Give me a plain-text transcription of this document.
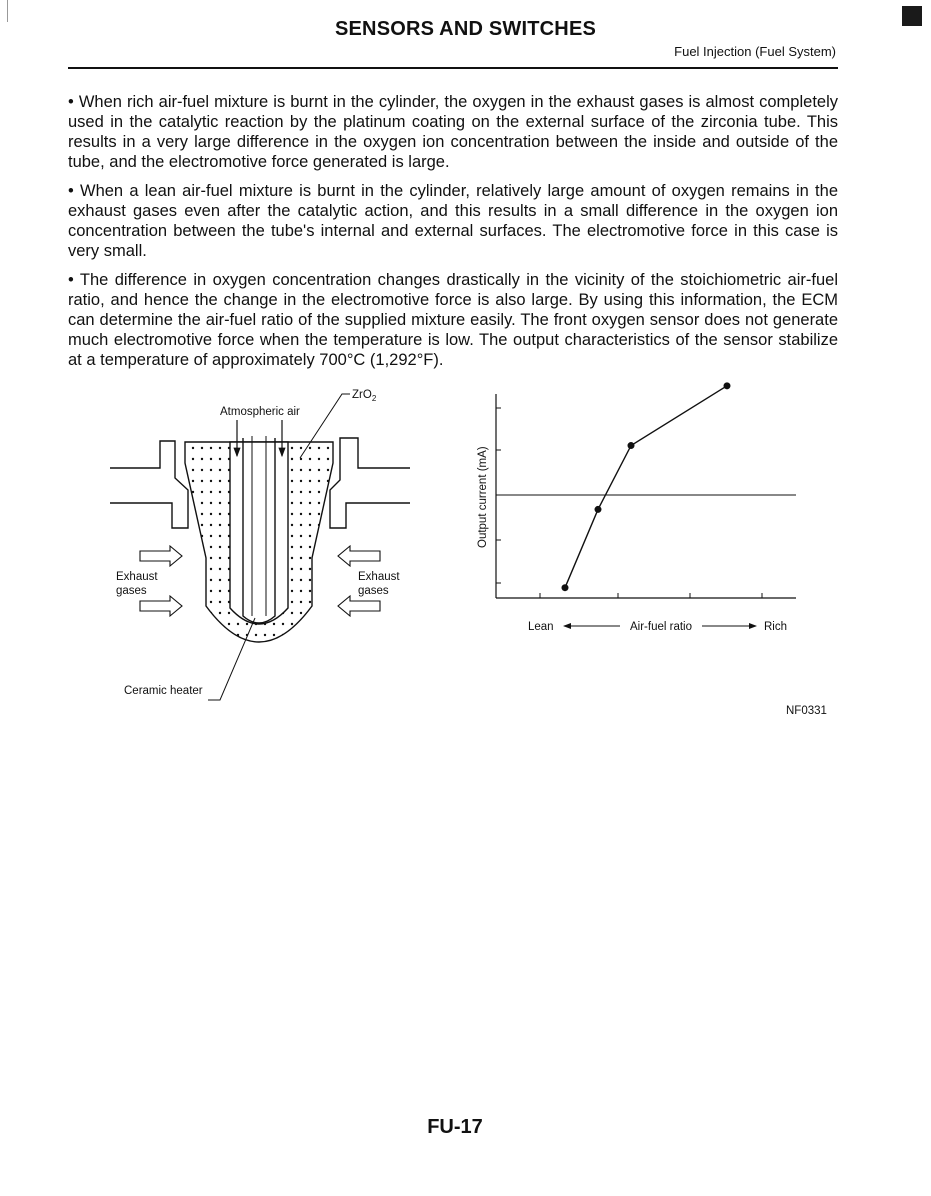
SENSORS AND SWITCHES
Fuel Injection (Fuel System)

• When rich air-fuel mixture is burnt in the cylinder, the oxygen in the exhaust gases is almost completely used in the catalytic reaction by the platinum coating on the external surface of the zirconia tube. This results in a very large difference in the oxygen ion concentration between the inside and outside of the tube, and the electromotive force generated is large.

• When a lean air-fuel mixture is burnt in the cylinder, relatively large amount of oxygen remains in the exhaust gases even after the catalytic action, and this results in a small difference in the oxygen ion concentration between the tube's internal and external surfaces. The electromotive force in this case is very small.

• The difference in oxygen concentration changes drastically in the vicinity of the stoichiometric air-fuel ratio, and hence the change in the electromotive force is also large. By using this information, the ECM can determine the air-fuel ratio of the supplied mixture easily. The front oxygen sensor does not generate much electromotive force when the temperature is low. The output characteristics of the sensor stabilize at a temperature of approximately 700°C (1,292°F).

ZrO$_2$
Atmospheric air
Exhaust
gases
Exhaust
gases
Ceramic heater
Output current (mA)
Lean	Air-fuel ratio	Rich
NF0331
FU-17
